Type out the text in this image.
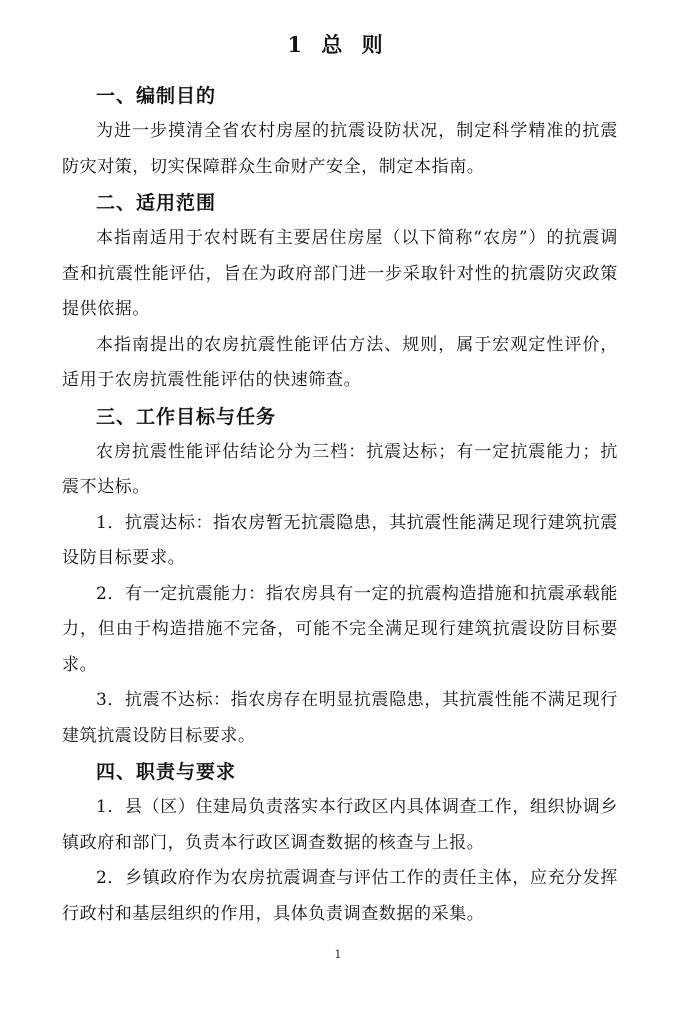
1 总 则

一、编制目的

为进一步摸清全省农村房屋的抗震设防状况，制定科学精准的抗震防灾对策，切实保障群众生命财产安全，制定本指南。

二、适用范围

本指南适用于农村既有主要居住房屋（以下简称“农房”）的抗震调查和抗震性能评估，旨在为政府部门进一步采取针对性的抗震防灾政策提供依据。

本指南提出的农房抗震性能评估方法、规则，属于宏观定性评价，适用于农房抗震性能评估的快速筛查。

三、工作目标与任务

农房抗震性能评估结论分为三档：抗震达标；有一定抗震能力；抗震不达标。

1．抗震达标：指农房暂无抗震隐患，其抗震性能满足现行建筑抗震设防目标要求。

2．有一定抗震能力：指农房具有一定的抗震构造措施和抗震承载能力，但由于构造措施不完备，可能不完全满足现行建筑抗震设防目标要求。

3．抗震不达标：指农房存在明显抗震隐患，其抗震性能不满足现行建筑抗震设防目标要求。

四、职责与要求

1．县（区）住建局负责落实本行政区内具体调查工作，组织协调乡镇政府和部门，负责本行政区调查数据的核查与上报。

2．乡镇政府作为农房抗震调查与评估工作的责任主体，应充分发挥行政村和基层组织的作用，具体负责调查数据的采集。

1
